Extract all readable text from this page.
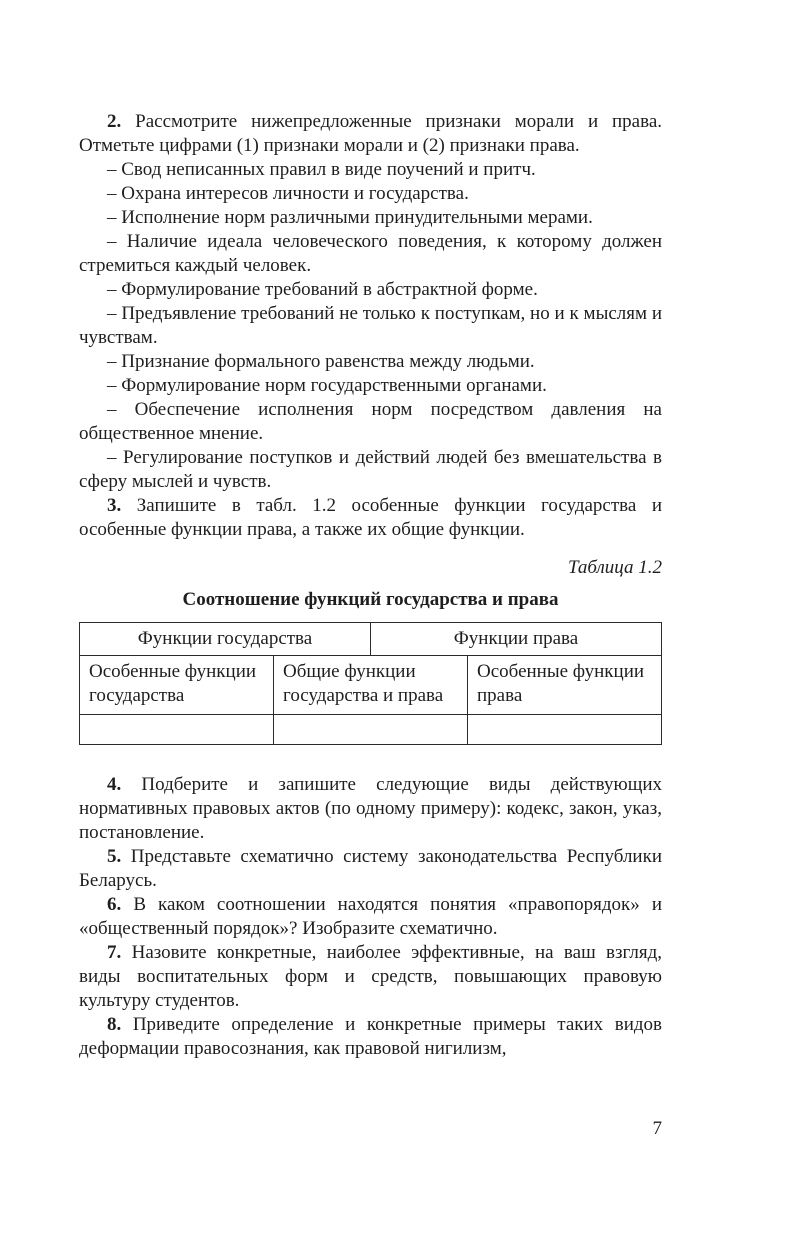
2. Рассмотрите нижепредложенные признаки морали и права. Отметьте цифрами (1) признаки морали и (2) признаки права.

– Свод неписанных правил в виде поучений и притч.

– Охрана интересов личности и государства.

– Исполнение норм различными принудительными мерами.

– Наличие идеала человеческого поведения, к которому должен стремиться каждый человек.

– Формулирование требований в абстрактной форме.

– Предъявление требований не только к поступкам, но и к мыслям и чувствам.

– Признание формального равенства между людьми.

– Формулирование норм государственными органами.

– Обеспечение исполнения норм посредством давления на общественное мнение.

– Регулирование поступков и действий людей без вмешательства в сферу мыслей и чувств.

3. Запишите в табл. 1.2 особенные функции государства и особенные функции права, а также их общие функции.

Таблица 1.2

Соотношение функций государства и права

Функции государства		Функции права	
Особенные функции государства	Общие функции государства и права		Особенные функции права

4. Подберите и запишите следующие виды действующих нормативных правовых актов (по одному примеру): кодекс, закон, указ, постановление.

5. Представьте схематично систему законодательства Республики Беларусь.

6. В каком соотношении находятся понятия «правопорядок» и «общественный порядок»? Изобразите схематично.

7. Назовите конкретные, наиболее эффективные, на ваш взгляд, виды воспитательных форм и средств, повышающих правовую культуру студентов.

8. Приведите определение и конкретные примеры таких видов деформации правосознания, как правовой нигилизм,

7
